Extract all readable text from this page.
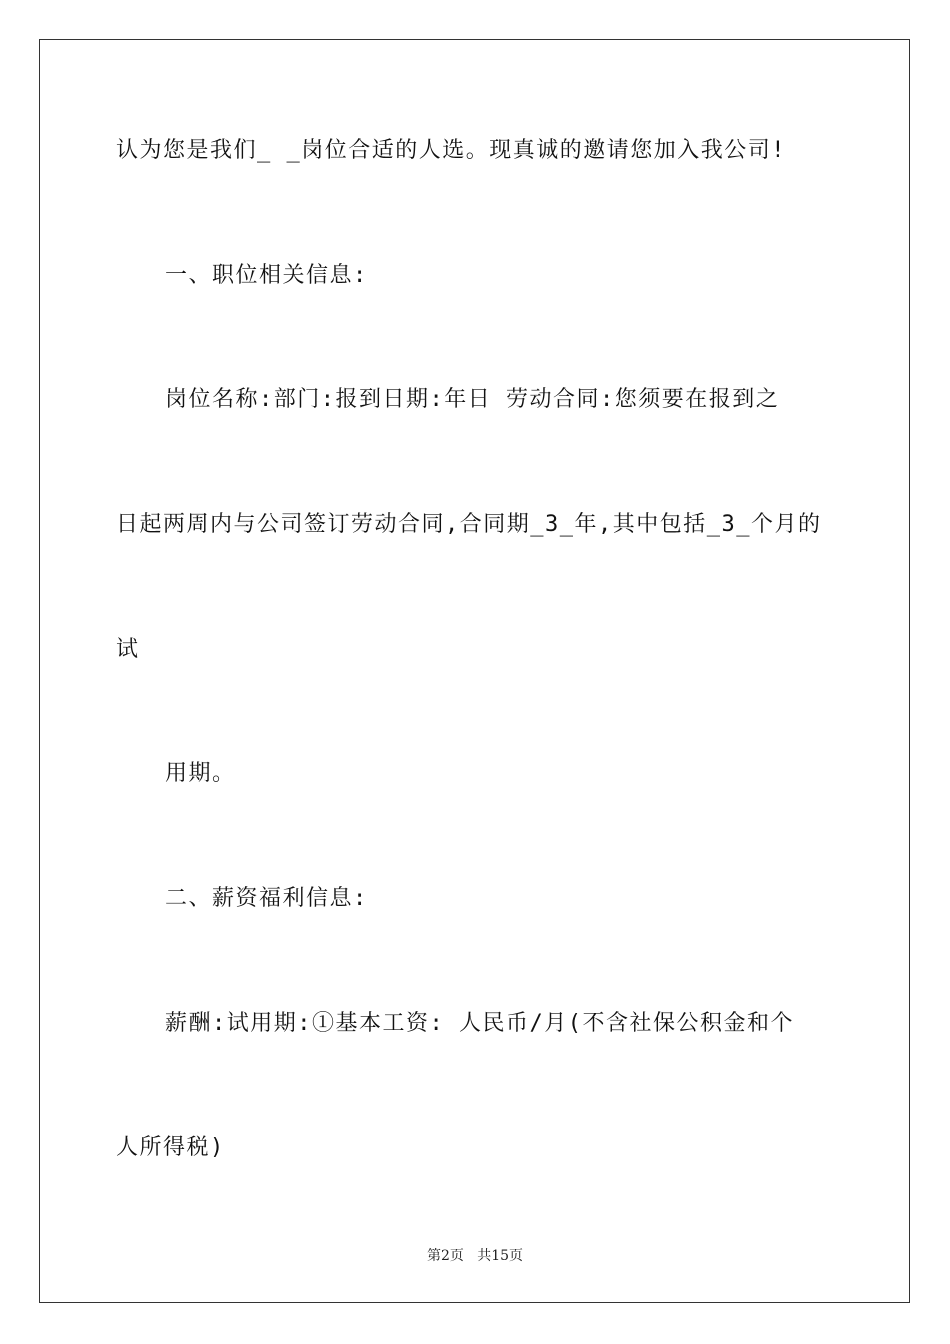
认为您是我们_ _岗位合适的人选。现真诚的邀请您加入我公司!
一、职位相关信息:
岗位名称:部门:报到日期:年日 劳动合同:您须要在报到之
日起两周内与公司签订劳动合同,合同期_3_年,其中包括_3_个月的
试
用期。
二、薪资福利信息:
薪酬:试用期:①基本工资: 人民币/月(不含社保公积金和个
人所得税)
第2页   共15页
